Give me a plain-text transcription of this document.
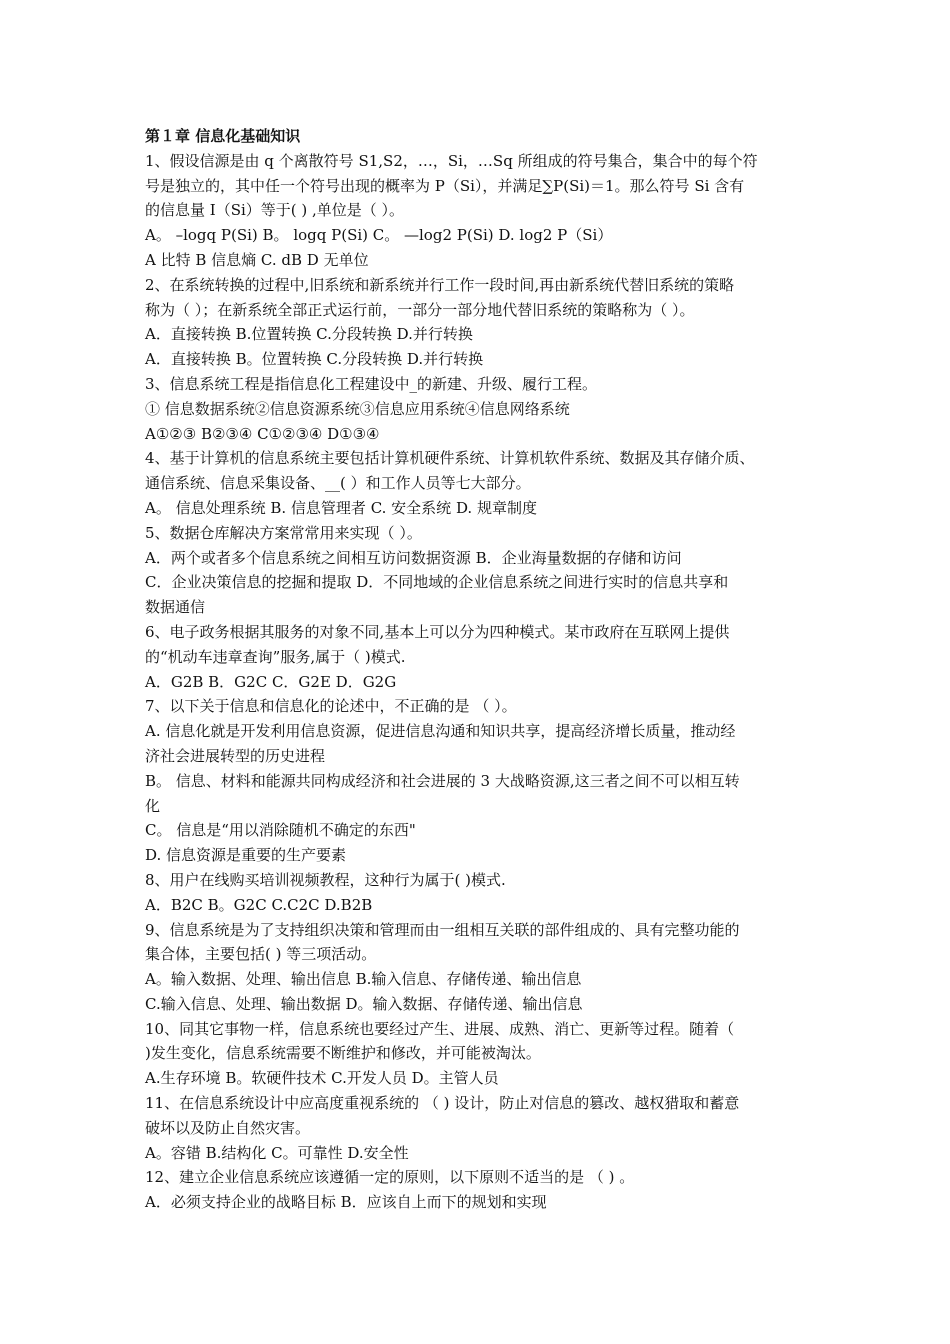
第１章 信息化基础知识
1、假设信源是由 q 个离散符号 S1,S2，…，Si，…Sq 所组成的符号集合，集合中的每个符
号是独立的，其中任一个符号出现的概率为 P（Si），并满足∑P(Si)＝1。那么符号 Si 含有
的信息量 I（Si）等于( ) ,单位是（ ）。
A。 –logq P(Si) B。 logq P(Si) C。 —log2 P(Si) D. log2 P（Si）
A 比特 B 信息熵 C. dB D 无单位
2、在系统转换的过程中,旧系统和新系统并行工作一段时间,再由新系统代替旧系统的策略
称为（ ）；在新系统全部正式运行前，一部分一部分地代替旧系统的策略称为（ ）。
A．直接转换 B.位置转换 C.分段转换 D.并行转换
A．直接转换 B。位置转换 C.分段转换 D.并行转换
3、信息系统工程是指信息化工程建设中_的新建、升级、履行工程。
① 信息数据系统②信息资源系统③信息应用系统④信息网络系统
A①②③ B②③④ C①②③④ D①③④
4、基于计算机的信息系统主要包括计算机硬件系统、计算机软件系统、数据及其存储介质、
通信系统、信息采集设备、__( ）和工作人员等七大部分。
A。 信息处理系统 B. 信息管理者 C. 安全系统 D. 规章制度
5、数据仓库解决方案常常用来实现（ ）。
A．两个或者多个信息系统之间相互访问数据资源 B．企业海量数据的存储和访问
C．企业决策信息的挖掘和提取 D．不同地域的企业信息系统之间进行实时的信息共享和
数据通信
6、电子政务根据其服务的对象不同,基本上可以分为四种模式。某市政府在互联网上提供
的“机动车违章查询”服务,属于（ )模式.
A．G2B B．G2C C．G2E D．G2G
7、以下关于信息和信息化的论述中，不正确的是 （ ）。
A. 信息化就是开发利用信息资源，促进信息沟通和知识共享，提高经济增长质量，推动经
济社会进展转型的历史进程
B。 信息、材料和能源共同构成经济和社会进展的 3 大战略资源,这三者之间不可以相互转
化
C。 信息是“用以消除随机不确定的东西"
D. 信息资源是重要的生产要素
8、用户在线购买培训视频教程，这种行为属于( )模式.
A．B2C B。G2C C.C2C D.B2B
9、信息系统是为了支持组织决策和管理而由一组相互关联的部件组成的、具有完整功能的
集合体，主要包括( ) 等三项活动。
A。输入数据、处理、输出信息 B.输入信息、存储传递、输出信息
C.输入信息、处理、输出数据 D。输入数据、存储传递、输出信息
10、同其它事物一样，信息系统也要经过产生、进展、成熟、消亡、更新等过程。随着（
)发生变化，信息系统需要不断维护和修改，并可能被淘汰。
A.生存环境 B。软硬件技术 C.开发人员 D。主管人员
11、在信息系统设计中应高度重视系统的 （ ) 设计，防止对信息的篡改、越权猎取和蓄意
破坏以及防止自然灾害。
A。容错 B.结构化 C。可靠性 D.安全性
12、建立企业信息系统应该遵循一定的原则，以下原则不适当的是 （ ) 。
A．必须支持企业的战略目标 B．应该自上而下的规划和实现
